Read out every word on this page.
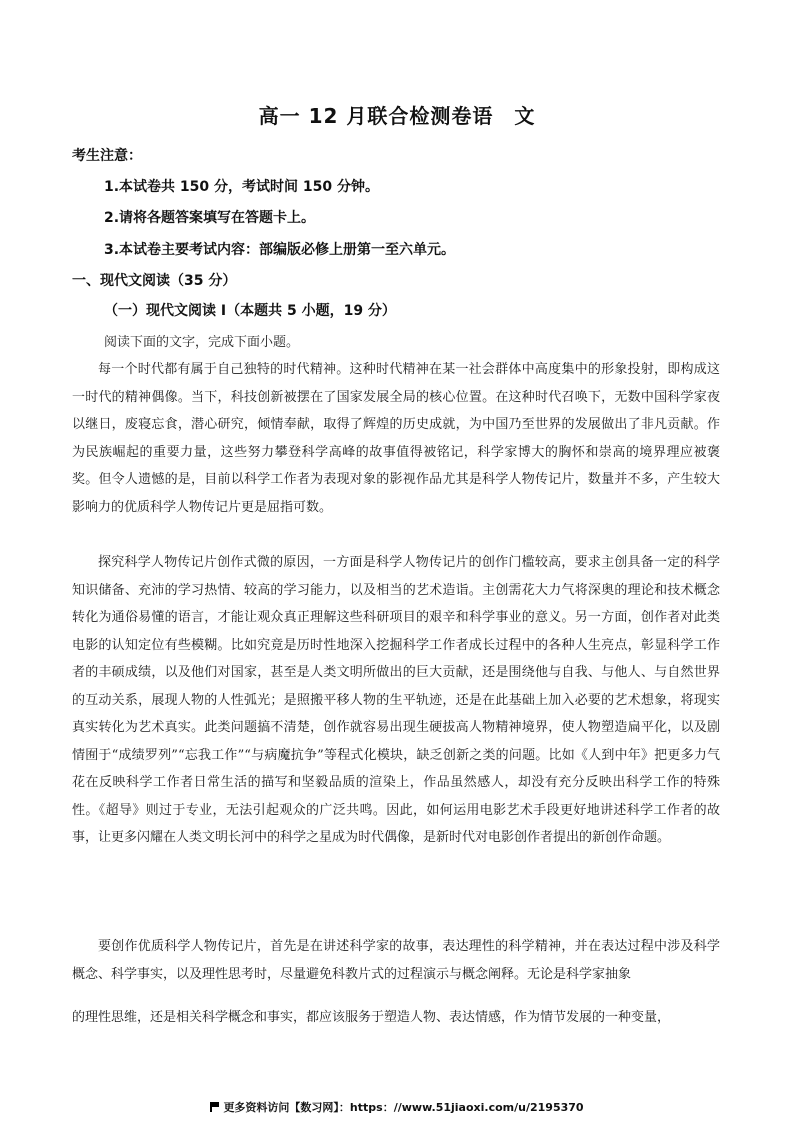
高一 12 月联合检测卷语　文
考生注意：
1.本试卷共 150 分，考试时间 150 分钟。
2.请将各题答案填写在答题卡上。
3.本试卷主要考试内容：部编版必修上册第一至六单元。
一、现代文阅读（35 分）
（一）现代文阅读 I（本题共 5 小题，19 分）
阅读下面的文字，完成下面小题。
每一个时代都有属于自己独特的时代精神。这种时代精神在某一社会群体中高度集中的形象投射，即构成这一时代的精神偶像。当下，科技创新被摆在了国家发展全局的核心位置。在这种时代召唤下，无数中国科学家夜以继日，废寝忘食，潜心研究，倾情奉献，取得了辉煌的历史成就，为中国乃至世界的发展做出了非凡贡献。作为民族崛起的重要力量，这些努力攀登科学高峰的故事值得被铭记，科学家博大的胸怀和崇高的境界理应被褒奖。但令人遗憾的是，目前以科学工作者为表现对象的影视作品尤其是科学人物传记片，数量并不多，产生较大影响力的优质科学人物传记片更是屈指可数。
探究科学人物传记片创作式微的原因，一方面是科学人物传记片的创作门槛较高，要求主创具备一定的科学知识储备、充沛的学习热情、较高的学习能力，以及相当的艺术造诣。主创需花大力气将深奥的理论和技术概念转化为通俗易懂的语言，才能让观众真正理解这些科研项目的艰辛和科学事业的意义。另一方面，创作者对此类电影的认知定位有些模糊。比如究竟是历时性地深入挖掘科学工作者成长过程中的各种人生亮点，彰显科学工作者的丰硕成绩，以及他们对国家，甚至是人类文明所做出的巨大贡献，还是围绕他与自我、与他人、与自然世界的互动关系，展现人物的人性弧光；是照搬平移人物的生平轨迹，还是在此基础上加入必要的艺术想象，将现实真实转化为艺术真实。此类问题搞不清楚，创作就容易出现生硬拔高人物精神境界，使人物塑造扁平化，以及剧情囿于“成绩罗列”“忘我工作”“与病魔抗争”等程式化模块，缺乏创新之类的问题。比如《人到中年》把更多力气花在反映科学工作者日常生活的描写和坚毅品质的渲染上，作品虽然感人，却没有充分反映出科学工作的特殊性。《超导》则过于专业，无法引起观众的广泛共鸣。因此，如何运用电影艺术手段更好地讲述科学工作者的故事，让更多闪耀在人类文明长河中的科学之星成为时代偶像，是新时代对电影创作者提出的新创作命题。
要创作优质科学人物传记片，首先是在讲述科学家的故事，表达理性的科学精神，并在表达过程中涉及科学概念、科学事实，以及理性思考时，尽量避免科教片式的过程演示与概念阐释。无论是科学家抽象
的理性思维，还是相关科学概念和事实，都应该服务于塑造人物、表达情感，作为情节发展的一种变量，
更多资料访问【数习网】：https：//www.51jiaoxi.com/u/2195370
